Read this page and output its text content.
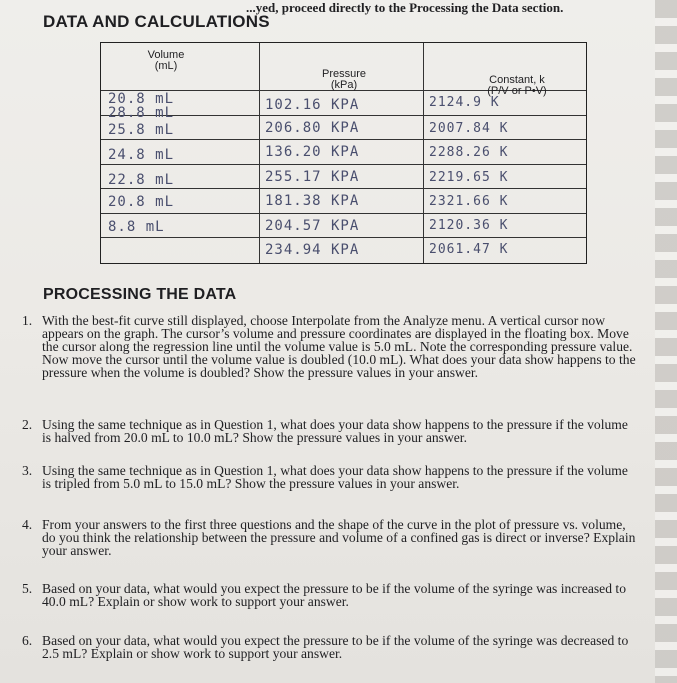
...yed, proceed directly to the Processing the Data section.
DATA AND CALCULATIONS
Volume
(mL)
Pressure
(kPa)	Constant, k
(P/V or P•V)
20.8 mL
28.8 mL
25.8 mL
24.8 mL
22.8 mL
20.8 mL
8.8 mL
102.16 KPA
206.80 KPA
136.20 KPA
255.17 KPA
181.38 KPA
204.57 KPA
234.94 KPA
2124.9 K
2007.84 K
2288.26 K
2219.65 K
2321.66 K
2120.36 K
2061.47 K
PROCESSING THE DATA
1. With the best-fit curve still displayed, choose Interpolate from the Analyze menu. A vertical cursor now appears on the graph. The cursor’s volume and pressure coordinates are displayed in the floating box. Move the cursor along the regression line until the volume value is 5.0 mL. Note the corresponding pressure value. Now move the cursor until the volume value is doubled (10.0 mL). What does your data show happens to the pressure when the volume is doubled? Show the pressure values in your answer.
2. Using the same technique as in Question 1, what does your data show happens to the pressure if the volume is halved from 20.0 mL to 10.0 mL? Show the pressure values in your answer.
3. Using the same technique as in Question 1, what does your data show happens to the pressure if the volume is tripled from 5.0 mL to 15.0 mL? Show the pressure values in your answer.
4. From your answers to the first three questions and the shape of the curve in the plot of pressure vs. volume, do you think the relationship between the pressure and volume of a confined gas is direct or inverse? Explain your answer.
5. Based on your data, what would you expect the pressure to be if the volume of the syringe was increased to 40.0 mL? Explain or show work to support your answer.
6. Based on your data, what would you expect the pressure to be if the volume of the syringe was decreased to 2.5 mL? Explain or show work to support your answer.
